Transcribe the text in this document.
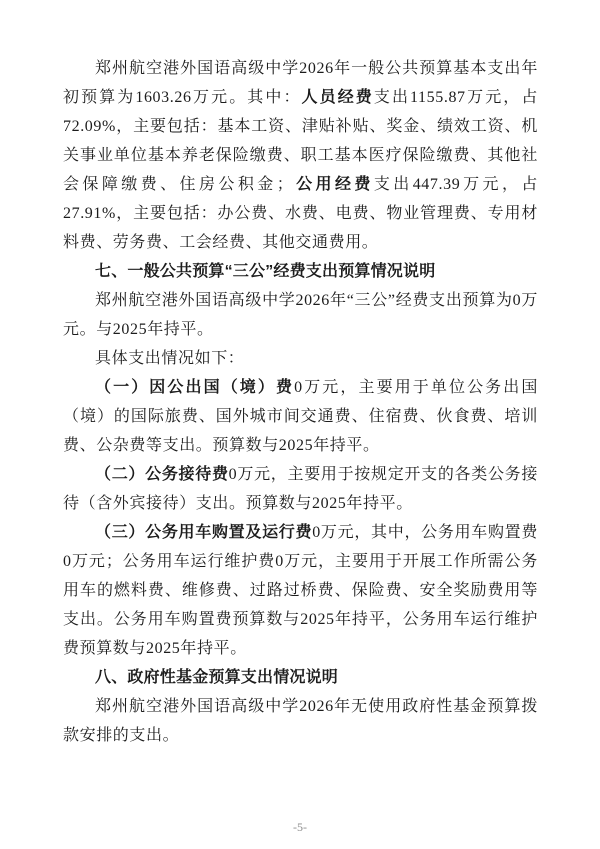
郑州航空港外国语高级中学2026年一般公共预算基本支出年初预算为1603.26万元。其中：人员经费支出1155.87万元，占72.09%，主要包括：基本工资、津贴补贴、奖金、绩效工资、机关事业单位基本养老保险缴费、职工基本医疗保险缴费、其他社会保障缴费、住房公积金；公用经费支出447.39万元，占27.91%，主要包括：办公费、水费、电费、物业管理费、专用材料费、劳务费、工会经费、其他交通费用。

七、一般公共预算“三公”经费支出预算情况说明

郑州航空港外国语高级中学2026年“三公”经费支出预算为0万元。与2025年持平。

具体支出情况如下：

（一）因公出国（境）费0万元，主要用于单位公务出国（境）的国际旅费、国外城市间交通费、住宿费、伙食费、培训费、公杂费等支出。预算数与2025年持平。

（二）公务接待费0万元，主要用于按规定开支的各类公务接待（含外宾接待）支出。预算数与2025年持平。

（三）公务用车购置及运行费0万元，其中，公务用车购置费0万元；公务用车运行维护费0万元，主要用于开展工作所需公务用车的燃料费、维修费、过路过桥费、保险费、安全奖励费用等支出。公务用车购置费预算数与2025年持平，公务用车运行维护费预算数与2025年持平。

八、政府性基金预算支出情况说明

郑州航空港外国语高级中学2026年无使用政府性基金预算拨款安排的支出。

-5-
